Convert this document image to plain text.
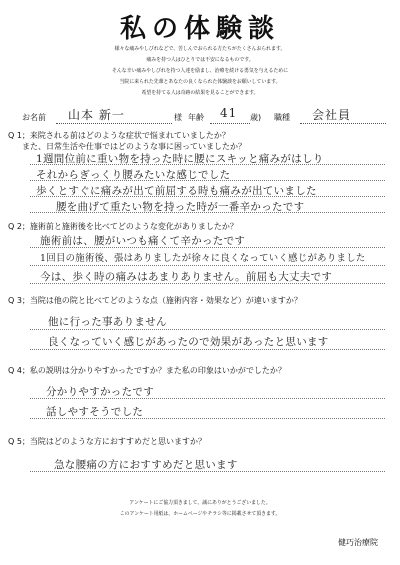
私の体験談
様々な痛みやしびれなどで、苦しんでおられる方たちがたくさんおられます。
痛みを持つ人はひとりでは不安になるものです。
そんな辛い痛みやしびれを持つ人達を励まし、治療を続ける勇気を与えるために
当院に来られた先輩とあなたの良くなられた体験談をお願いしています。
希望を持てる人は奇跡の結果を見ることができます。
お名前 山本 新一	様 年齢 41 歳) 職種 会社員
Q 1；来院される前はどのような症状で悩まれていましたか？
また、日常生活や仕事ではどのような事に困っていましたか？
1週間位前に重い物を持った時に腰にスキッと痛みがはしり
それからぎっくり腰みたいな感じでした
歩くとすぐに痛みが出て前屈する時も痛みが出ていました
腰を曲げて重たい物を持った時が一番辛かったです
Q 2；施術前と施術後を比べてどのような変化がありましたか？
施術前は、腰がいつも痛くて辛かったです
1回目の施術後、張はありましたが徐々に良くなっていく感じがありました
今は、歩く時の痛みはあまりありません。前屈も大丈夫です
Q 3；当院は他の院と比べてどのような点（施術内容・効果など）が違いますか？
他に行った事ありません
良くなっていく感じがあったので効果があったと思います
Q 4；私の説明は分かりやすかったですか？また私の印象はいかがでしたか？
分かりやすかったです
話しやすそうでした
Q 5；当院はどのような方におすすめだと思いますか？
急な腰痛の方におすすめだと思います
アンケートにご協力頂きまして、誠にありがとうございました。
このアンケート用紙は、ホームページやチラシ等に掲載させて頂きます。
健巧治療院
